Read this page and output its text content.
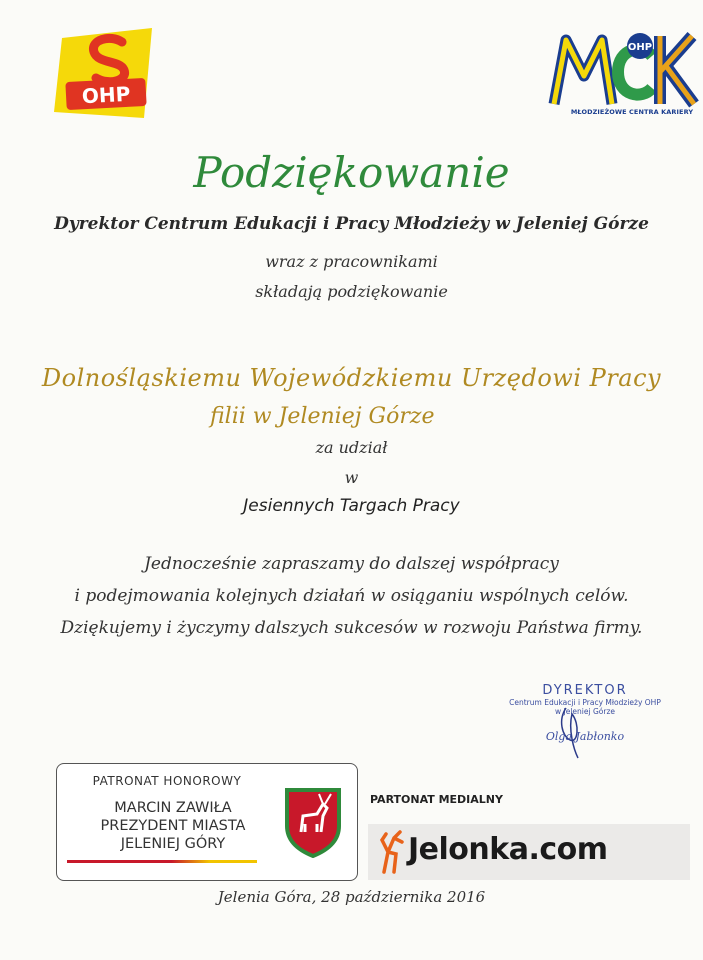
OHP
OHP
MŁODZIEŻOWE CENTRA KARIERY
Podziękowanie
Dyrektor Centrum Edukacji i Pracy Młodzieży w Jeleniej Górze
wraz z pracownikami
składają podziękowanie
Dolnośląskiemu Wojewódzkiemu Urzędowi Pracy
filii w Jeleniej Górze
za udział
w
Jesiennych Targach Pracy
Jednocześnie zapraszamy do dalszej współpracy
i podejmowania kolejnych działań w osiąganiu wspólnych celów.
Dziękujemy i życzymy dalszych sukcesów w rozwoju Państwa firmy.
DYREKTOR
Centrum Edukacji i Pracy Młodzieży OHP
w Jeleniej Górze
Olga Jabłonko
PATRONAT HONOROWY
MARCIN ZAWIŁA
PREZYDENT MIASTA
JELENIEJ GÓRY
PARTONAT MEDIALNY
Jelonka.com
Jelenia Góra, 28 października 2016
